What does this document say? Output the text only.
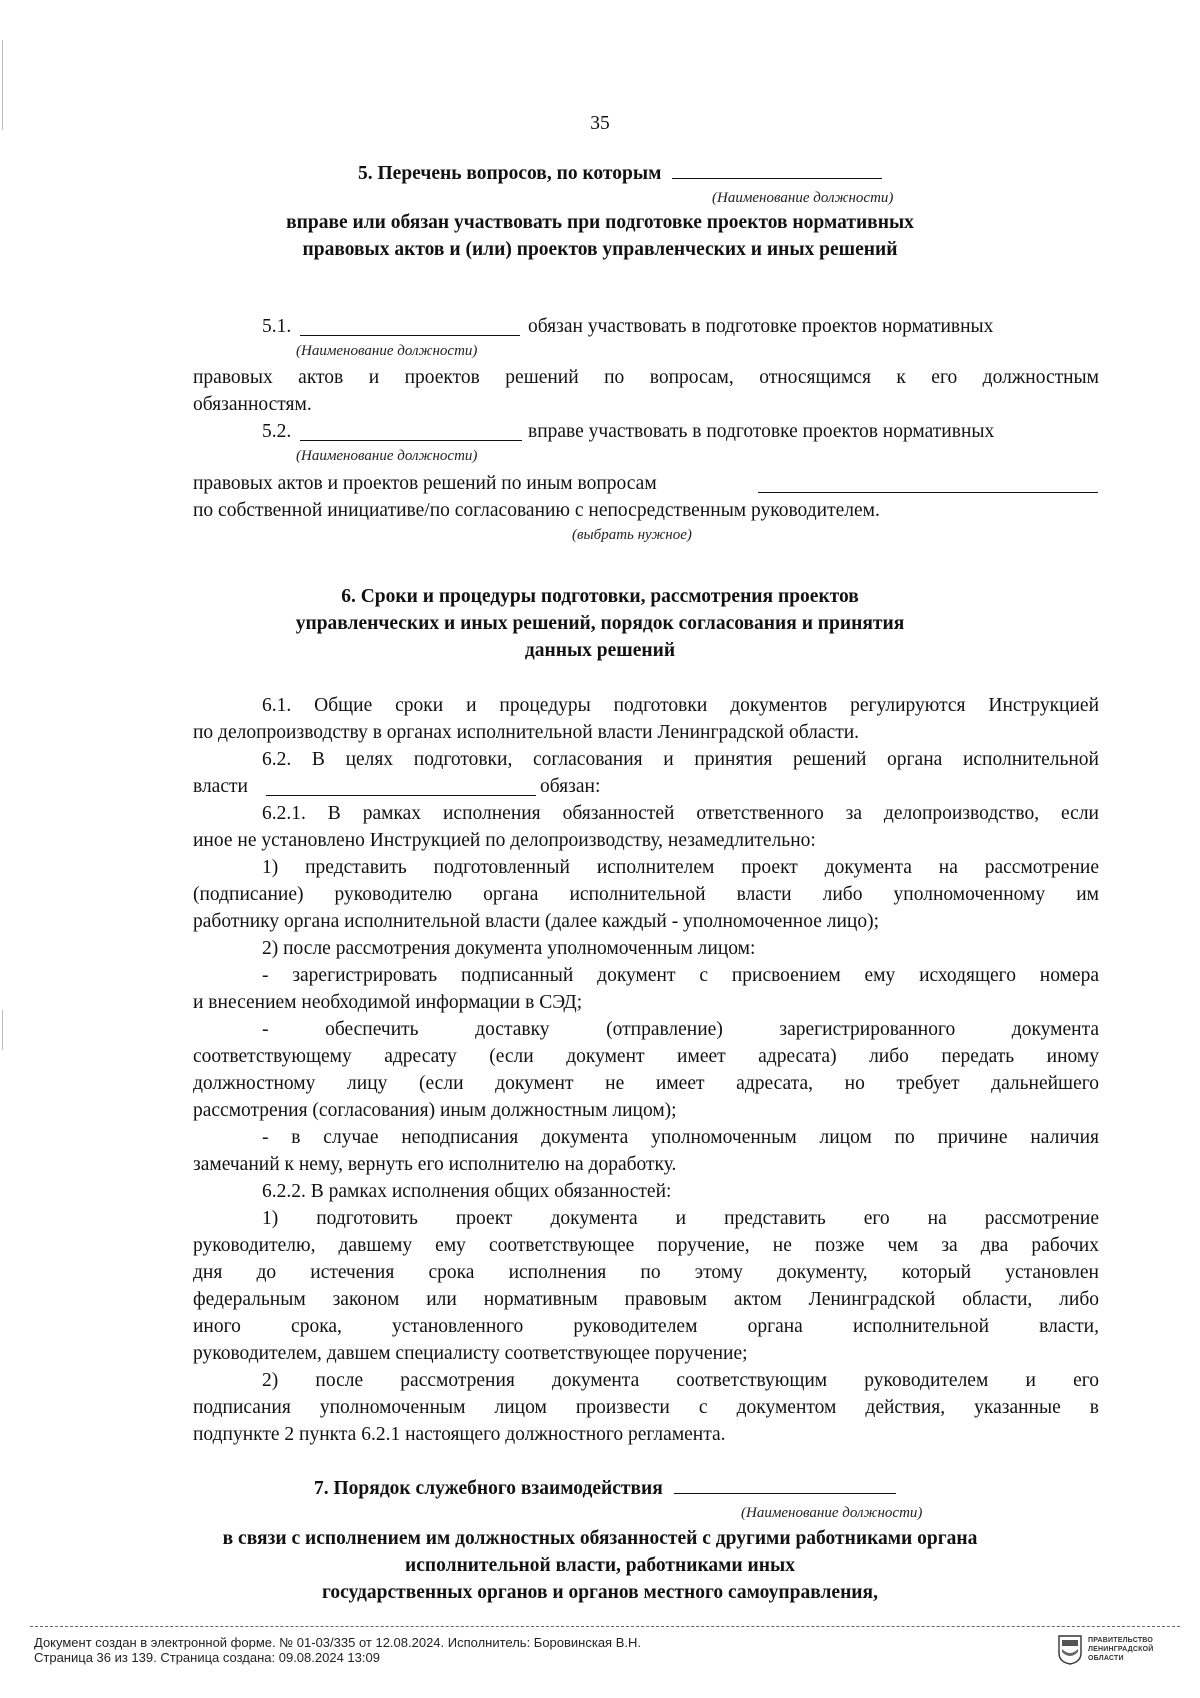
35
5. Перечень вопросов, по которым
(Наименование должности)
вправе или обязан участвовать при подготовке проектов нормативных
правовых актов и (или) проектов управленческих и иных решений
5.1.	обязан участвовать в подготовке проектов нормативных
(Наименование должности)
правовых актов и проектов решений по вопросам, относящимся к его должностным
обязанностям.
5.2.	вправе участвовать в подготовке проектов нормативных
(Наименование должности)
правовых актов и проектов решений по иным вопросам
по собственной инициативе/по согласованию с непосредственным руководителем.
(выбрать нужное)
6. Сроки и процедуры подготовки, рассмотрения проектов
управленческих и иных решений, порядок согласования и принятия
данных решений
6.1. Общие сроки и процедуры подготовки документов регулируются Инструкцией
по делопроизводству в органах исполнительной власти Ленинградской области.
6.2. В целях подготовки, согласования и принятия решений органа исполнительной
власти	обязан:
6.2.1. В рамках исполнения обязанностей ответственного за делопроизводство, если
иное не установлено Инструкцией по делопроизводству, незамедлительно:
1) представить подготовленный исполнителем проект документа на рассмотрение
(подписание) руководителю органа исполнительной власти либо уполномоченному им
работнику органа исполнительной власти (далее каждый - уполномоченное лицо);
2) после рассмотрения документа уполномоченным лицом:
- зарегистрировать подписанный документ с присвоением ему исходящего номера
и внесением необходимой информации в СЭД;
- обеспечить доставку (отправление) зарегистрированного документа
соответствующему адресату (если документ имеет адресата) либо передать иному
должностному лицу (если документ не имеет адресата, но требует дальнейшего
рассмотрения (согласования) иным должностным лицом);
- в случае неподписания документа уполномоченным лицом по причине наличия
замечаний к нему, вернуть его исполнителю на доработку.
6.2.2. В рамках исполнения общих обязанностей:
1) подготовить проект документа и представить его на рассмотрение
руководителю, давшему ему соответствующее поручение, не позже чем за два рабочих
дня до истечения срока исполнения по этому документу, который установлен
федеральным законом или нормативным правовым актом Ленинградской области, либо
иного срока, установленного руководителем органа исполнительной власти,
руководителем, давшем специалисту соответствующее поручение;
2) после рассмотрения документа соответствующим руководителем и его
подписания уполномоченным лицом произвести с документом действия, указанные в
подпункте 2 пункта 6.2.1 настоящего должностного регламента.
7. Порядок служебного взаимодействия
(Наименование должности)
в связи с исполнением им должностных обязанностей с другими работниками органа
исполнительной власти, работниками иных
государственных органов и органов местного самоуправления,
Документ создан в электронной форме. № 01-03/335 от 12.08.2024. Исполнитель: Боровинская В.Н.
Страница 36 из 139. Страница создана: 09.08.2024 13:09
ПРАВИТЕЛЬСТВО
ЛЕНИНГРАДСКОЙ
ОБЛАСТИ
